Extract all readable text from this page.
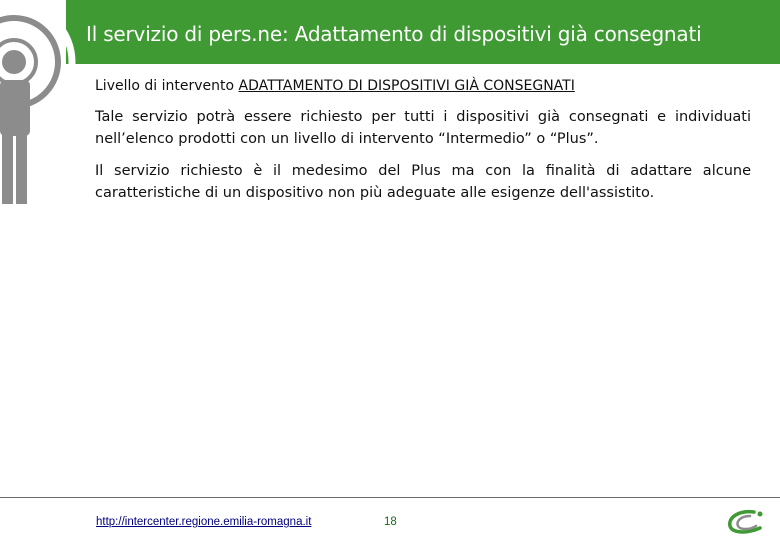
Il servizio di pers.ne: Adattamento di dispositivi già consegnati
Livello di intervento ADATTAMENTO DI DISPOSITIVI GIÀ CONSEGNATI

Tale servizio potrà essere richiesto per tutti i dispositivi già consegnati e individuati nell’elenco prodotti con un livello di intervento “Intermedio” o “Plus”.

Il servizio richiesto è il medesimo del Plus ma con la finalità di adattare alcune caratteristiche di un dispositivo non più adeguate alle esigenze dell'assistito.

http://intercenter.regione.emilia-romagna.it	18
